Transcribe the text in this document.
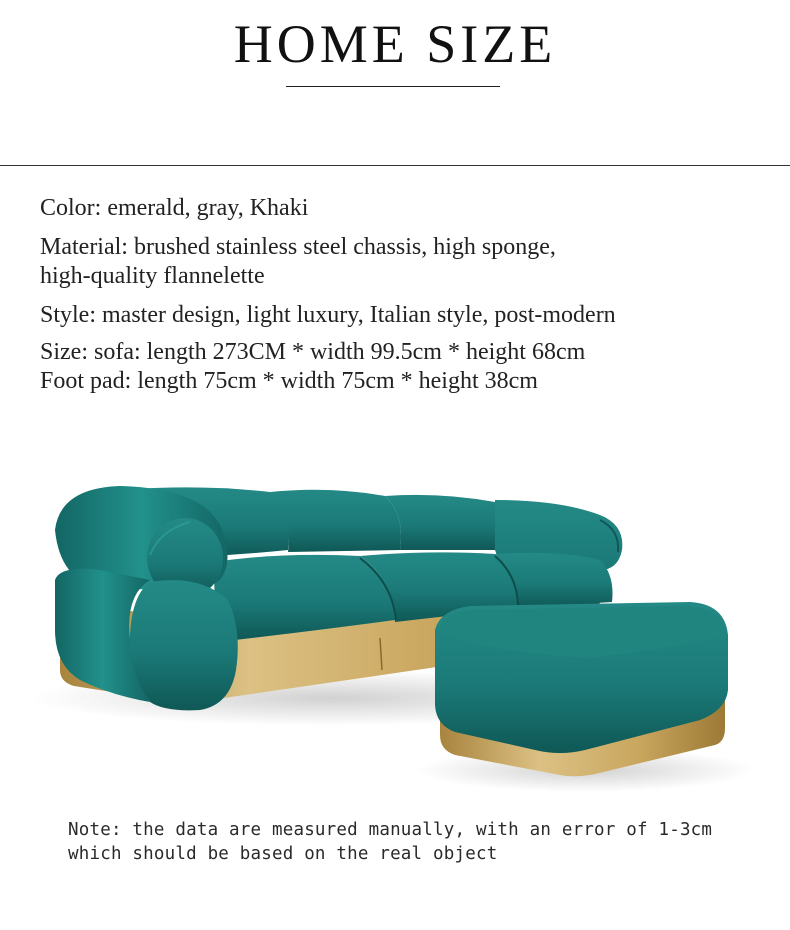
HOME SIZE
Color: emerald, gray, Khaki
Material: brushed stainless steel chassis, high sponge,
high-quality flannelette
Style: master design, light luxury, Italian style, post-modern
Size: sofa: length 273CM * width 99.5cm * height 68cm
Foot pad: length 75cm * width 75cm * height 38cm
Note: the data are measured manually, with an error of 1-3cm
which should be based on the real object
